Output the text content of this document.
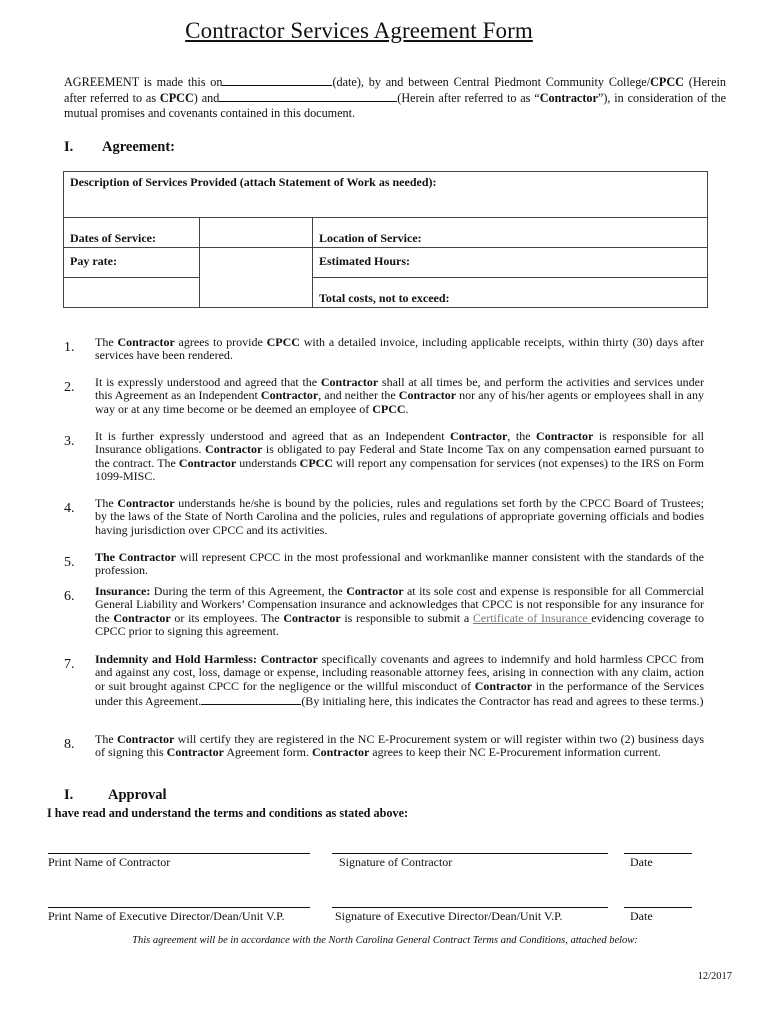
Contractor Services Agreement Form
AGREEMENT is made this on	(date), by and between Central Piedmont Community College/CPCC (Herein after referred to as CPCC) and	(Herein after referred to as “Contractor”), in consideration of the mutual promises and covenants contained in this document.
I. Agreement:
Description of Services Provided (attach Statement of Work as needed):		
Dates of Service:		Location of Service:
Pay rate:		Estimated Hours:
		Total costs, not to exceed:
1. The Contractor agrees to provide CPCC with a detailed invoice, including applicable receipts, within thirty (30) days after services have been rendered.
2. It is expressly understood and agreed that the Contractor shall at all times be, and perform the activities and services under this Agreement as an Independent Contractor, and neither the Contractor nor any of his/her agents or employees shall in any way or at any time become or be deemed an employee of CPCC.
3. It is further expressly understood and agreed that as an Independent Contractor, the Contractor is responsible for all Insurance obligations. Contractor is obligated to pay Federal and State Income Tax on any compensation earned pursuant to the contract. The Contractor understands CPCC will report any compensation for services (not expenses) to the IRS on Form 1099-MISC.
4. The Contractor understands he/she is bound by the policies, rules and regulations set forth by the CPCC Board of Trustees; by the laws of the State of North Carolina and the policies, rules and regulations of appropriate governing officials and bodies having jurisdiction over CPCC and its activities.
5. The Contractor will represent CPCC in the most professional and workmanlike manner consistent with the standards of the profession.
6. Insurance: During the term of this Agreement, the Contractor at its sole cost and expense is responsible for all Commercial General Liability and Workers’ Compensation insurance and acknowledges that CPCC is not responsible for any insurance for the Contractor or its employees. The Contractor is responsible to submit a Certificate of Insurance evidencing coverage to CPCC prior to signing this agreement.
7. Indemnity and Hold Harmless: Contractor specifically covenants and agrees to indemnify and hold harmless CPCC from and against any cost, loss, damage or expense, including reasonable attorney fees, arising in connection with any claim, action or suit brought against CPCC for the negligence or the willful misconduct of Contractor in the performance of the Services under this Agreement.	(By initialing here, this indicates the Contractor has read and agrees to these terms.)
8. The Contractor will certify they are registered in the NC E-Procurement system or will register within two (2) business days of signing this Contractor Agreement form. Contractor agrees to keep their NC E-Procurement information current.
I. Approval
I have read and understand the terms and conditions as stated above:
Print Name of Contractor	Signature of Contractor	Date
Print Name of Executive Director/Dean/Unit V.P.	Signature of Executive Director/Dean/Unit V.P.	Date
This agreement will be in accordance with the North Carolina General Contract Terms and Conditions, attached below:
12/2017
